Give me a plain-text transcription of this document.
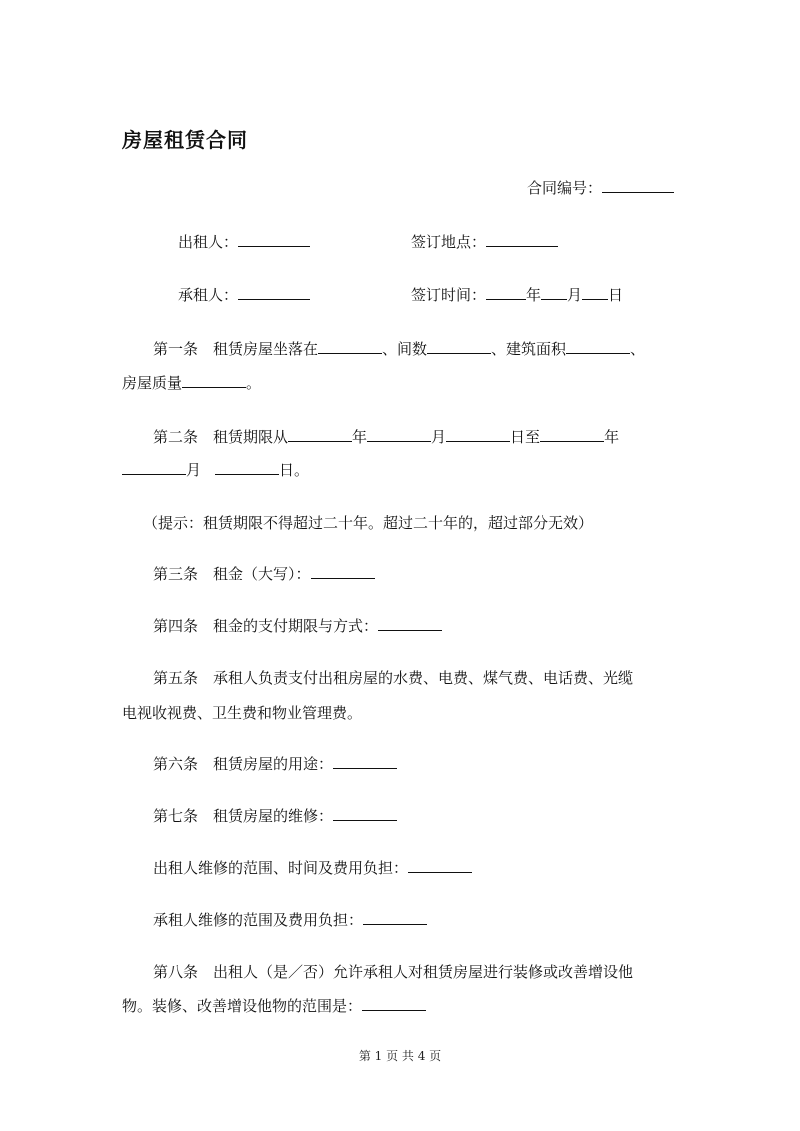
房屋租赁合同
合同编号：
出租人：	签订地点：
承租人：	签订时间：	年 月 日
第一条　租赁房屋坐落在	、间数	、建筑面积	、
房屋质量	。
第二条　租赁期限从	年	月	日至	年
月	日。
（提示：租赁期限不得超过二十年。超过二十年的，超过部分无效）
第三条　租金（大写）：
第四条　租金的支付期限与方式：
第五条　承租人负责支付出租房屋的水费、电费、煤气费、电话费、光缆
电视收视费、卫生费和物业管理费。
第六条　租赁房屋的用途：
第七条　租赁房屋的维修：
出租人维修的范围、时间及费用负担：
承租人维修的范围及费用负担：
第八条　出租人（是／否）允许承租人对租赁房屋进行装修或改善增设他
物。装修、改善增设他物的范围是：
第 1 页 共 4 页
